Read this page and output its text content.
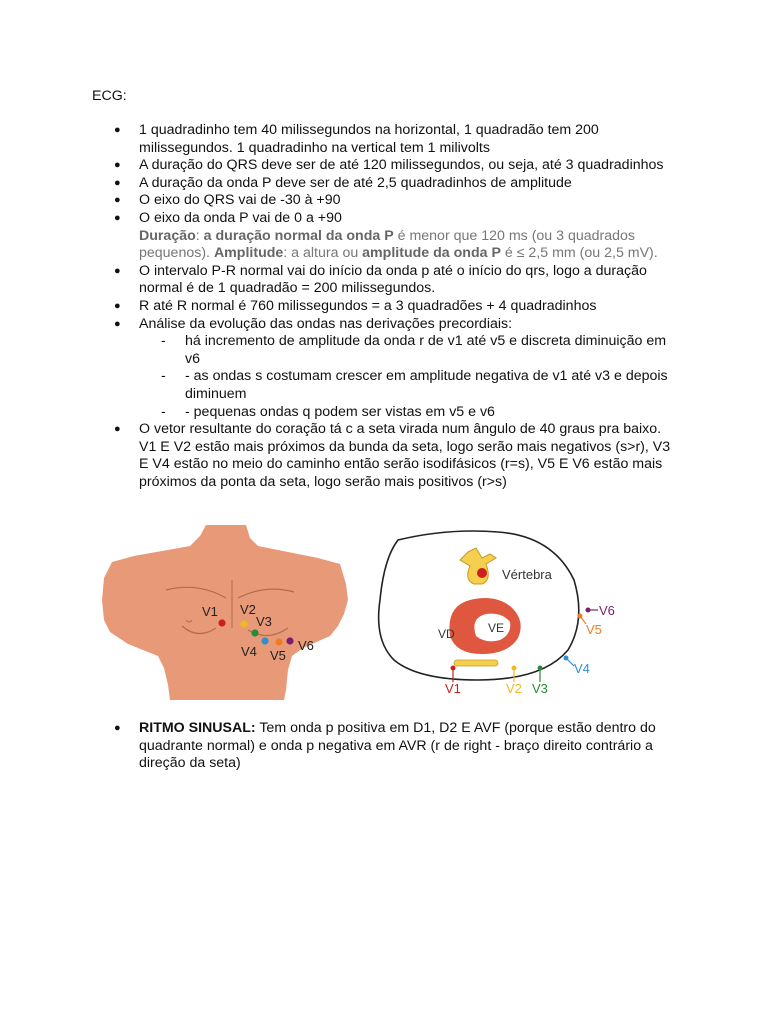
ECG:
● 1 quadradinho tem 40 milissegundos na horizontal, 1 quadradão tem 200 milissegundos. 1 quadradinho na vertical tem 1 milivolts
● A duração do QRS deve ser de até 120 milissegundos, ou seja, até 3 quadradinhos
● A duração da onda P deve ser de até 2,5 quadradinhos de amplitude
● O eixo do QRS vai de -30 à +90
● O eixo da onda P vai de 0 a +90
Duração: a duração normal da onda P é menor que 120 ms (ou 3 quadrados pequenos). Amplitude: a altura ou amplitude da onda P é ≤ 2,5 mm (ou 2,5 mV).
● O intervalo P-R normal vai do início da onda p até o início do qrs, logo a duração normal é de 1 quadradão = 200 milissegundos.
● R até R normal é 760 milissegundos = a 3 quadradões + 4 quadradinhos
● Análise da evolução das ondas nas derivações precordiais:
- há incremento de amplitude da onda r de v1 até v5 e discreta diminuição em v6
- - as ondas s costumam crescer em amplitude negativa de v1 até v3 e depois diminuem
- - pequenas ondas q podem ser vistas em v5 e v6
● O vetor resultante do coração tá c a seta virada num ângulo de 40 graus pra baixo. V1 E V2 estão mais próximos da bunda da seta, logo serão mais negativos (s>r), V3 E V4 estão no meio do caminho então serão isodifásicos (r=s), V5 E V6 estão mais próximos da ponta da seta, logo serão mais positivos (r>s)
V1 V2
V3
V4 V5
V6
Vértebra
VD	VE
V1	V2 V3
V4
V5
V6
● RITMO SINUSAL: Tem onda p positiva em D1, D2 E AVF (porque estão dentro do quadrante normal) e onda p negativa em AVR (r de right - braço direito contrário a direção da seta)
